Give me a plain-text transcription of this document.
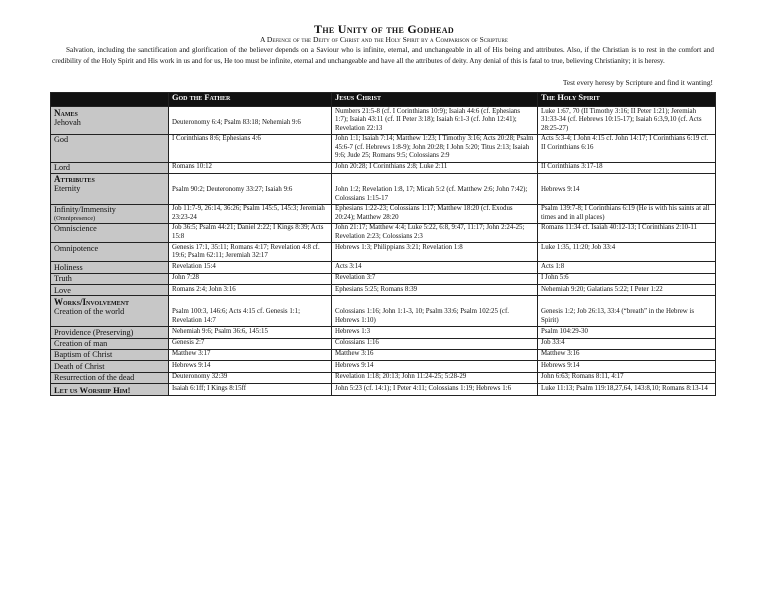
The Unity of the Godhead
A Defence of the Deity of Christ and the Holy Spirit by a Comparison of Scripture

Salvation, including the sanctification and glorification of the believer depends on a Saviour who is infinite, eternal, and unchangeable in all of His being and attributes. Also, if the Christian is to rest in the comfort and credibility of the Holy Spirit and His work in us and for us, He too must be infinite, eternal and unchangeable and have all the attributes of deity. Any denial of this is fatal to true, believing Christianity; it is heresy.

Test every heresy by Scripture and find it wanting!
	God the Father	Jesus Christ	The Holy Spirit
Names
Jehovah	Deuteronomy 6:4; Psalm 83:18; Nehemiah 9:6	Numbers 21:5-8 (cf. I Corinthians 10:9); Isaiah 44:6 (cf. Ephesians 1:7); Isaiah 43:11 (cf. II Peter 3:18); Isaiah 6:1-3 (cf. John 12:41); Revelation 22:13	Luke 1:67, 70 (II Timothy 3:16; II Peter 1:21); Jeremiah 31:33-34 (cf. Hebrews 10:15-17); Isaiah 6:3,9,10 (cf. Acts 28:25-27)
God	I Corinthians 8:6; Ephesians 4:6	John 1:1; Isaiah 7:14; Matthew 1:23; I Timothy 3:16; Acts 20:28; Psalm 45:6-7 (cf. Hebrews 1:8-9); John 20:28; I John 5:20; Titus 2:13; Isaiah 9:6; Jude 25; Romans 9:5; Colossians 2:9	Acts 5:3-4; I John 4:15 cf. John 14:17; I Corinthians 6:19 cf. II Corinthians 6:16
Lord	Romans 10:12	John 20:28; I Corinthians 2:8; Luke 2:11	II Corinthians 3:17-18
Attributes
Eternity	Psalm 90:2; Deuteronomy 33:27; Isaiah 9:6	John 1:2; Revelation 1:8, 17; Micah 5:2 (cf. Matthew 2:6; John 7:42); Colossians 1:15-17	Hebrews 9:14
Infinity/Immensity
(Omnipresence)	Job 11:7-9, 26:14, 36:26; Psalm 145:5, 145:3; Jeremiah 23:23-24	Ephesians 1:22-23; Colossians 1:17; Matthew 18:20 (cf. Exodus 20:24); Matthew 28:20	Psalm 139:7-8; I Corinthians 6:19 (He is with his saints at all times and in all places)
Omniscience	Job 36:5; Psalm 44:21; Daniel 2:22; I Kings 8:39; Acts 15:8	John 21:17; Matthew 4:4; Luke 5:22, 6:8, 9:47, 11:17; John 2:24-25; Revelation 2:23; Colossians 2:3	Romans 11:34 cf. Isaiah 40:12-13; I Corinthians 2:10-11
Omnipotence	Genesis 17:1, 35:11; Romans 4:17; Revelation 4:8 cf. 19:6; Psalm 62:11; Jeremiah 32:17	Hebrews 1:3; Philippians 3:21; Revelation 1:8	Luke 1:35, 11:20; Job 33:4
Holiness	Revelation 15:4	Acts 3:14	Acts 1:8
Truth	John 7:28	Revelation 3:7	I John 5:6
Love	Romans 2:4; John 3:16	Ephesians 5:25; Romans 8:39	Nehemiah 9:20; Galatians 5:22; I Peter 1:22
Works/Involvement
Creation of the world	Psalm 100:3, 146:6; Acts 4:15 cf. Genesis 1:1; Revelation 14:7	Colossians 1:16; John 1:1-3, 10; Psalm 33:6; Psalm 102:25 (cf. Hebrews 1:10)	Genesis 1:2; Job 26:13, 33:4 (“breath” in the Hebrew is Spirit)
Providence (Preserving)	Nehemiah 9:6; Psalm 36:6, 145:15	Hebrews 1:3	Psalm 104:29-30
Creation of man	Genesis 2:7	Colossians 1:16	Job 33:4
Baptism of Christ	Matthew 3:17	Matthew 3:16	Matthew 3:16
Death of Christ	Hebrews 9:14	Hebrews 9:14	Hebrews 9:14
Resurrection of the dead	Deuteronomy 32:39	Revelation 1:18; 20:13; John 11:24-25; 5:28-29	John 6:63; Romans 8:11, 4:17
Let us Worship Him!	Isaiah 6:1ff; I Kings 8:15ff	John 5:23 (cf. 14:1); I Peter 4:11; Colossians 1:19; Hebrews 1:6	Luke 11:13; Psalm 119:18,27,64, 143:8,10; Romans 8:13-14
